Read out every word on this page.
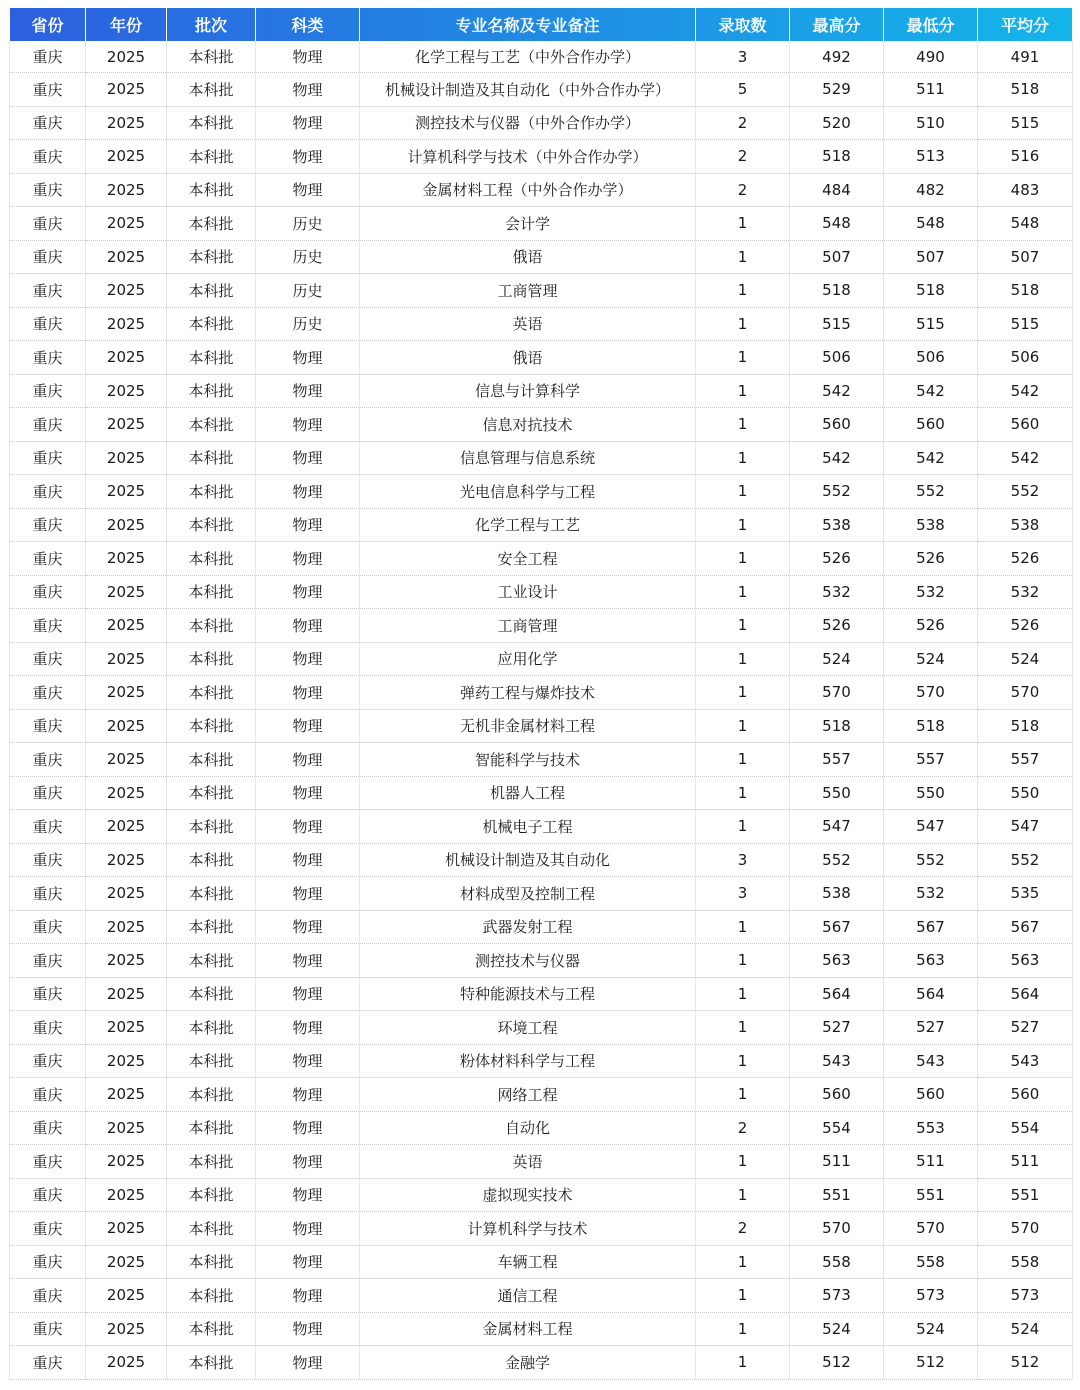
省份	年份	批次	科类	专业名称及专业备注	录取数	最高分	最低分	平均分
重庆	2025	本科批	物理	化学工程与工艺（中外合作办学）	3	492	490	491
重庆	2025	本科批	物理	机械设计制造及其自动化（中外合作办学）	5	529	511	518
重庆	2025	本科批	物理	测控技术与仪器（中外合作办学）	2	520	510	515
重庆	2025	本科批	物理	计算机科学与技术（中外合作办学）	2	518	513	516
重庆	2025	本科批	物理	金属材料工程（中外合作办学）	2	484	482	483
重庆	2025	本科批	历史	会计学	1	548	548	548
重庆	2025	本科批	历史	俄语	1	507	507	507
重庆	2025	本科批	历史	工商管理	1	518	518	518
重庆	2025	本科批	历史	英语	1	515	515	515
重庆	2025	本科批	物理	俄语	1	506	506	506
重庆	2025	本科批	物理	信息与计算科学	1	542	542	542
重庆	2025	本科批	物理	信息对抗技术	1	560	560	560
重庆	2025	本科批	物理	信息管理与信息系统	1	542	542	542
重庆	2025	本科批	物理	光电信息科学与工程	1	552	552	552
重庆	2025	本科批	物理	化学工程与工艺	1	538	538	538
重庆	2025	本科批	物理	安全工程	1	526	526	526
重庆	2025	本科批	物理	工业设计	1	532	532	532
重庆	2025	本科批	物理	工商管理	1	526	526	526
重庆	2025	本科批	物理	应用化学	1	524	524	524
重庆	2025	本科批	物理	弹药工程与爆炸技术	1	570	570	570
重庆	2025	本科批	物理	无机非金属材料工程	1	518	518	518
重庆	2025	本科批	物理	智能科学与技术	1	557	557	557
重庆	2025	本科批	物理	机器人工程	1	550	550	550
重庆	2025	本科批	物理	机械电子工程	1	547	547	547
重庆	2025	本科批	物理	机械设计制造及其自动化	3	552	552	552
重庆	2025	本科批	物理	材料成型及控制工程	3	538	532	535
重庆	2025	本科批	物理	武器发射工程	1	567	567	567
重庆	2025	本科批	物理	测控技术与仪器	1	563	563	563
重庆	2025	本科批	物理	特种能源技术与工程	1	564	564	564
重庆	2025	本科批	物理	环境工程	1	527	527	527
重庆	2025	本科批	物理	粉体材料科学与工程	1	543	543	543
重庆	2025	本科批	物理	网络工程	1	560	560	560
重庆	2025	本科批	物理	自动化	2	554	553	554
重庆	2025	本科批	物理	英语	1	511	511	511
重庆	2025	本科批	物理	虚拟现实技术	1	551	551	551
重庆	2025	本科批	物理	计算机科学与技术	2	570	570	570
重庆	2025	本科批	物理	车辆工程	1	558	558	558
重庆	2025	本科批	物理	通信工程	1	573	573	573
重庆	2025	本科批	物理	金属材料工程	1	524	524	524
重庆	2025	本科批	物理	金融学	1	512	512	512
